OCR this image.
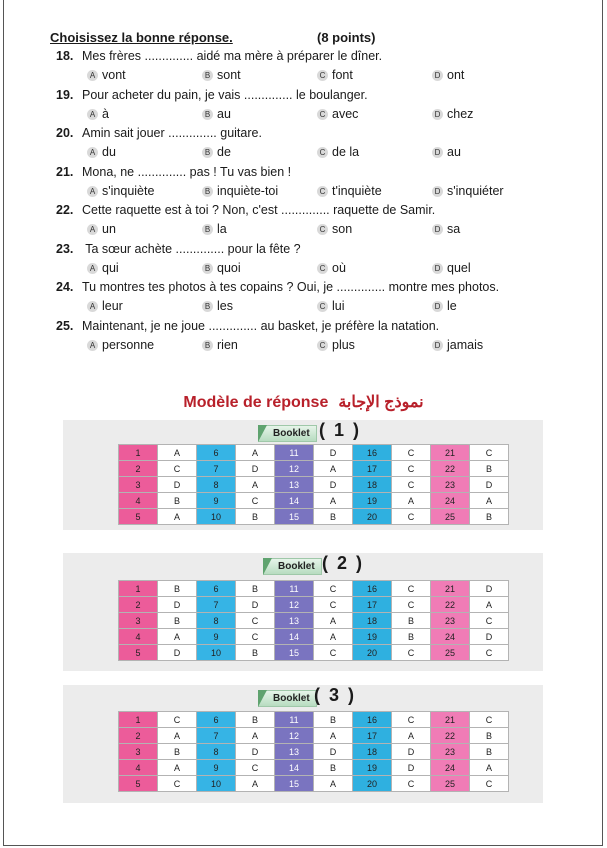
Choisissez la bonne réponse.	(8 points)
18. Mes frères .............. aidé ma mère à préparer le dîner.
A vont	B sont	C font	D ont
19. Pour acheter du pain, je vais .............. le boulanger.
A à	B au	C avec	D chez
20. Amin sait jouer .............. guitare.
A du	B de	C de la	D au
21. Mona, ne .............. pas ! Tu vas bien !
A s'inquiète	B inquiète-toi	C t'inquiète	D s'inquiéter
22. Cette raquette est à toi ? Non, c'est .............. raquette de Samir.
A un	B la	C son	D sa
23. Ta sœur achète .............. pour la fête ?
A qui	B quoi	C où	D quel
24. Tu montres tes photos à tes copains ? Oui, je .............. montre mes photos.
A leur	B les	C lui	D le
25. Maintenant, je ne joue .............. au basket, je préfère la natation.
A personne	B rien	C plus	D jamais
Modèle de réponse نموذج الإجابة
Booklet ( 1 )
1	A	6	A	11	D	16	C	21	C
2	C	7	D	12	A	17	C	22	B
3	D	8	A	13	D	18	C	23	D
4	B	9	C	14	A	19	A	24	A
5	A	10	B	15	B	20	C	25	B
Booklet ( 2 )
1	B	6	B	11	C	16	C	21	D
2	D	7	D	12	C	17	C	22	A
3	B	8	C	13	A	18	B	23	C
4	A	9	C	14	A	19	B	24	D
5	D	10	B	15	C	20	C	25	C
Booklet ( 3 )
1	C	6	B	11	B	16	C	21	C
2	A	7	A	12	A	17	A	22	B
3	B	8	D	13	D	18	D	23	B
4	A	9	C	14	B	19	D	24	A
5	C	10	A	15	A	20	C	25	C
